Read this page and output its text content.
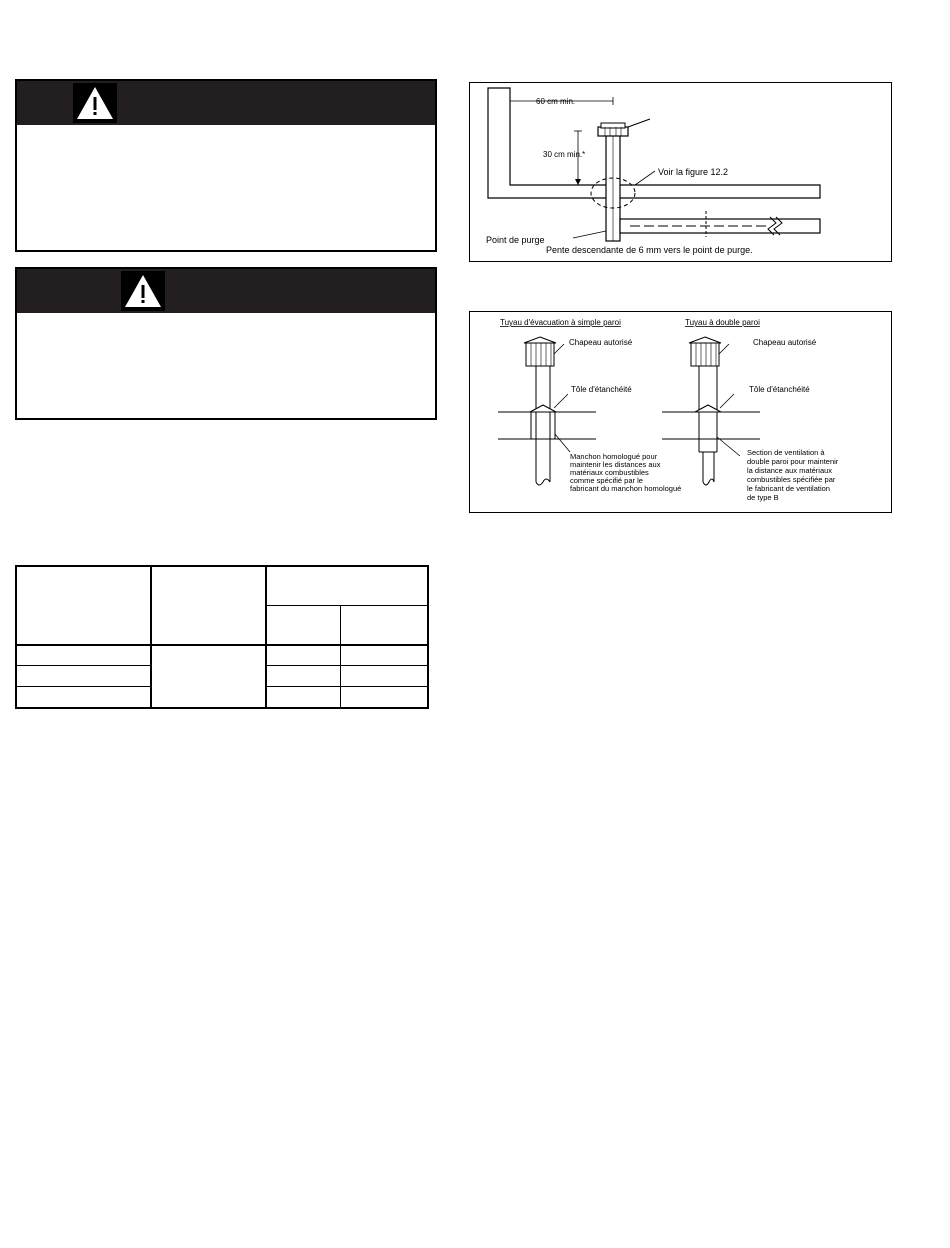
60 cm min.
30 cm min.*
Voir la figure 12.2
Point de purge
Pente descendante de 6 mm vers le point de purge.
Tuyau d'évacuation à simple paroi
Chapeau autorisé
Tôle d'étanchéité
Manchon homologué pour
maintenir les distances aux
matériaux combustibles
comme spécifié par le
fabricant du manchon homologué
Tuyau à double paroi
Chapeau autorisé
Tôle d'étanchéité
Section de ventilation à
double paroi pour maintenir
la distance aux matériaux
combustibles spécifiée par
le fabricant de ventilation
de type B
